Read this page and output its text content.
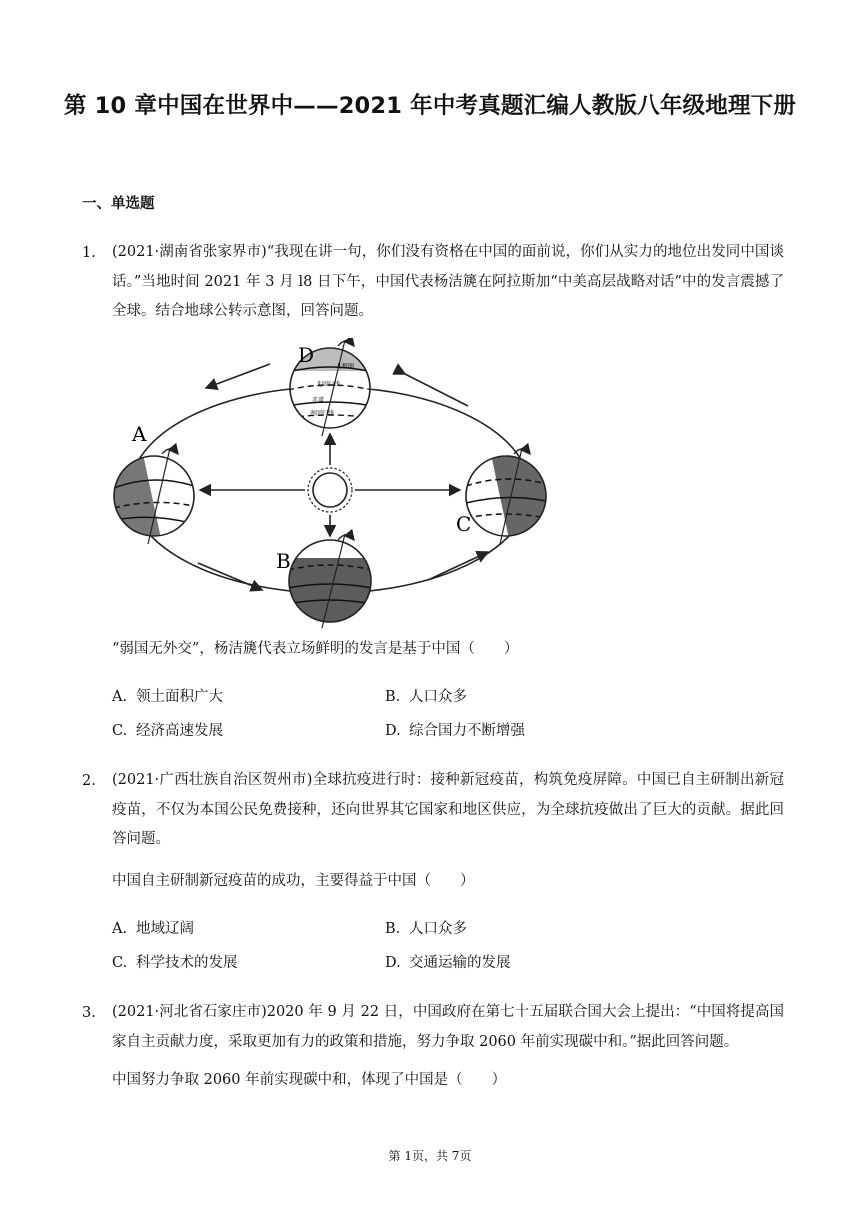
第 10 章中国在世界中——2021 年中考真题汇编人教版八年级地理下册
一、单选题
1. (2021·湖南省张家界市)“我现在讲一句，你们没有资格在中国的面前说，你们从实力的地位出发同中国谈话。”当地时间 2021 年 3 月 l8 日下午，中国代表杨洁篪在阿拉斯加“中美高层战略对话”中的发言震撼了全球。结合地球公转示意图，回答问题。
北极圈
北回归线
赤道
南回归线
D
A
B
C
“弱国无外交”，杨洁篪代表立场鲜明的发言是基于中国（　　）
A. 领土面积广大	B. 人口众多
C. 经济高速发展	D. 综合国力不断增强
2. (2021·广西壮族自治区贺州市)全球抗疫进行时：接种新冠疫苗，构筑免疫屏障。中国已自主研制出新冠疫苗，不仅为本国公民免费接种，还向世界其它国家和地区供应，为全球抗疫做出了巨大的贡献。据此回答问题。
中国自主研制新冠疫苗的成功，主要得益于中国（　　）
A. 地域辽阔	B. 人口众多
C. 科学技术的发展	D. 交通运输的发展
3. (2021·河北省石家庄市)2020 年 9 月 22 日，中国政府在第七十五届联合国大会上提出：“中国将提高国家自主贡献力度，采取更加有力的政策和措施，努力争取 2060 年前实现碳中和。”据此回答问题。
中国努力争取 2060 年前实现碳中和，体现了中国是（　　）
第 1页，共 7页
